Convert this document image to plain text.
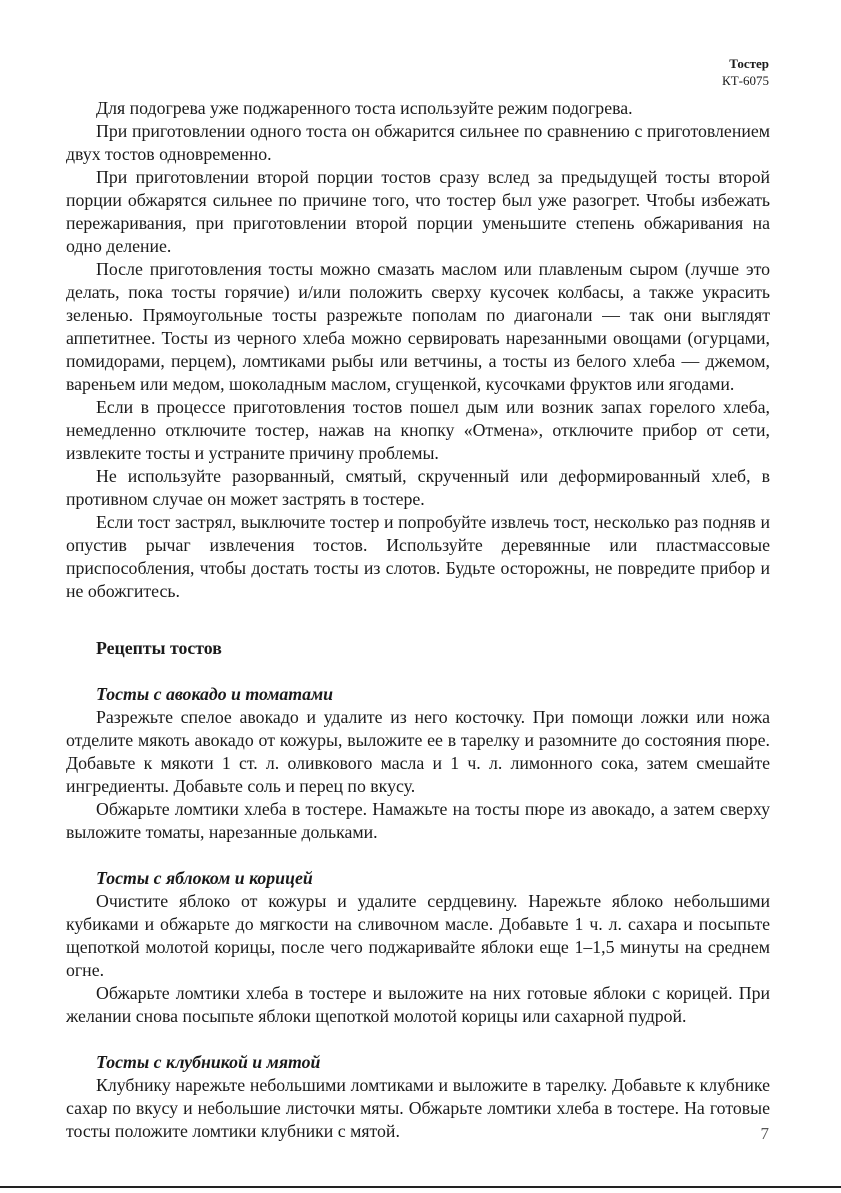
Тостер
КТ-6075

Для подогрева уже поджаренного тоста используйте режим подогрева.

При приготовлении одного тоста он обжарится сильнее по сравнению с приготовлением двух тостов одновременно.

При приготовлении второй порции тостов сразу вслед за предыдущей тосты второй порции обжарятся сильнее по причине того, что тостер был уже разогрет. Чтобы избежать пережаривания, при приготовлении второй порции уменьшите степень обжаривания на одно деление.

После приготовления тосты можно смазать маслом или плавленым сыром (лучше это делать, пока тосты горячие) и/или положить сверху кусочек колбасы, а также украсить зеленью. Прямоугольные тосты разрежьте пополам по диагонали — так они выглядят аппетитнее. Тосты из черного хлеба можно сервировать нарезанными овощами (огурцами, помидорами, перцем), ломтиками рыбы или ветчины, а тосты из белого хлеба — джемом, вареньем или медом, шоколадным маслом, сгущенкой, кусочками фруктов или ягодами.

Если в процессе приготовления тостов пошел дым или возник запах горелого хлеба, немедленно отключите тостер, нажав на кнопку «Отмена», отключите прибор от сети, извлеките тосты и устраните причину проблемы.

Не используйте разорванный, смятый, скрученный или деформированный хлеб, в противном случае он может застрять в тостере.

Если тост застрял, выключите тостер и попробуйте извлечь тост, несколько раз подняв и опустив рычаг извлечения тостов. Используйте деревянные или пластмассовые приспособления, чтобы достать тосты из слотов. Будьте осторожны, не повредите прибор и не обожгитесь.

Рецепты тостов
Тосты с авокадо и томатами

Разрежьте спелое авокадо и удалите из него косточку. При помощи ложки или ножа отделите мякоть авокадо от кожуры, выложите ее в тарелку и разомните до состояния пюре. Добавьте к мякоти 1 ст. л. оливкового масла и 1 ч. л. лимонного сока, затем смешайте ингредиенты. Добавьте соль и перец по вкусу.

Обжарьте ломтики хлеба в тостере. Намажьте на тосты пюре из авокадо, а затем сверху выложите томаты, нарезанные дольками.

Тосты с яблоком и корицей

Очистите яблоко от кожуры и удалите сердцевину. Нарежьте яблоко небольшими кубиками и обжарьте до мягкости на сливочном масле. Добавьте 1 ч. л. сахара и посыпьте щепоткой молотой корицы, после чего поджаривайте яблоки еще 1–1,5 минуты на среднем огне.

Обжарьте ломтики хлеба в тостере и выложите на них готовые яблоки с корицей. При желании снова посыпьте яблоки щепоткой молотой корицы или сахарной пудрой.

Тосты с клубникой и мятой

Клубнику нарежьте небольшими ломтиками и выложите в тарелку. Добавьте к клубнике сахар по вкусу и небольшие листочки мяты. Обжарьте ломтики хлеба в тостере. На готовые тосты положите ломтики клубники с мятой.	7
